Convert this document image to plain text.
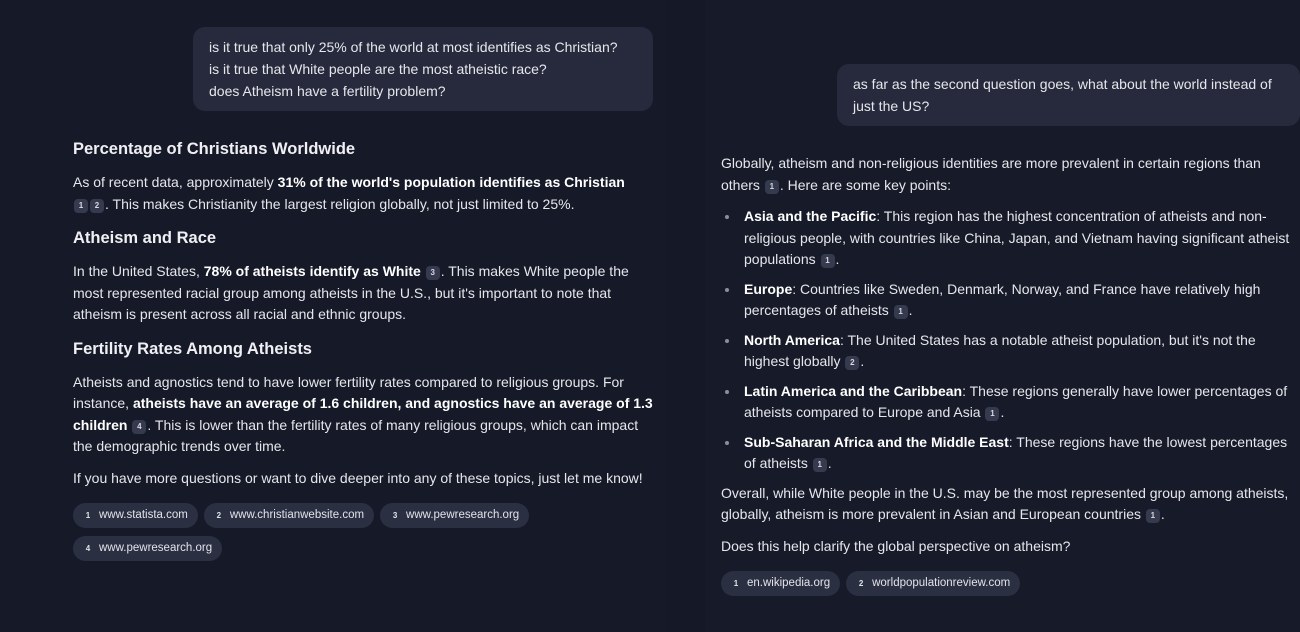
is it true that only 25% of the world at most identifies as Christian?
is it true that White people are the most atheistic race?
does Atheism have a fertility problem?
Percentage of Christians Worldwide

As of recent data, approximately 31% of the world's population identifies as Christian
1 2 . This makes Christianity the largest religion globally, not just limited to 25%.

Atheism and Race

In the United States, 78% of atheists identify as White 3 . This makes White people the most represented racial group among atheists in the U.S., but it's important to note that atheism is present across all racial and ethnic groups.

Fertility Rates Among Atheists

Atheists and agnostics tend to have lower fertility rates compared to religious groups. For instance, atheists have an average of 1.6 children, and agnostics have an average of 1.3 children 4 . This is lower than the fertility rates of many religious groups, which can impact the demographic trends over time.

If you have more questions or want to dive deeper into any of these topics, just let me know!

1 www.statista.com	2 www.christianwebsite.com	3 www.pewresearch.org
4 www.pewresearch.org
as far as the second question goes, what about the world instead of just the US?

Globally, atheism and non-religious identities are more prevalent in certain regions than others 1 . Here are some key points:

Asia and the Pacific: This region has the highest concentration of atheists and non-religious people, with countries like China, Japan, and Vietnam having significant atheist populations 1 .
Europe: Countries like Sweden, Denmark, Norway, and France have relatively high percentages of atheists 1 .
North America: The United States has a notable atheist population, but it's not the highest globally 2 .
Latin America and the Caribbean: These regions generally have lower percentages of atheists compared to Europe and Asia 1 .
Sub-Saharan Africa and the Middle East: These regions have the lowest percentages of atheists 1 .

Overall, while White people in the U.S. may be the most represented group among atheists, globally, atheism is more prevalent in Asian and European countries 1 .

Does this help clarify the global perspective on atheism?

1 en.wikipedia.org	2 worldpopulationreview.com
